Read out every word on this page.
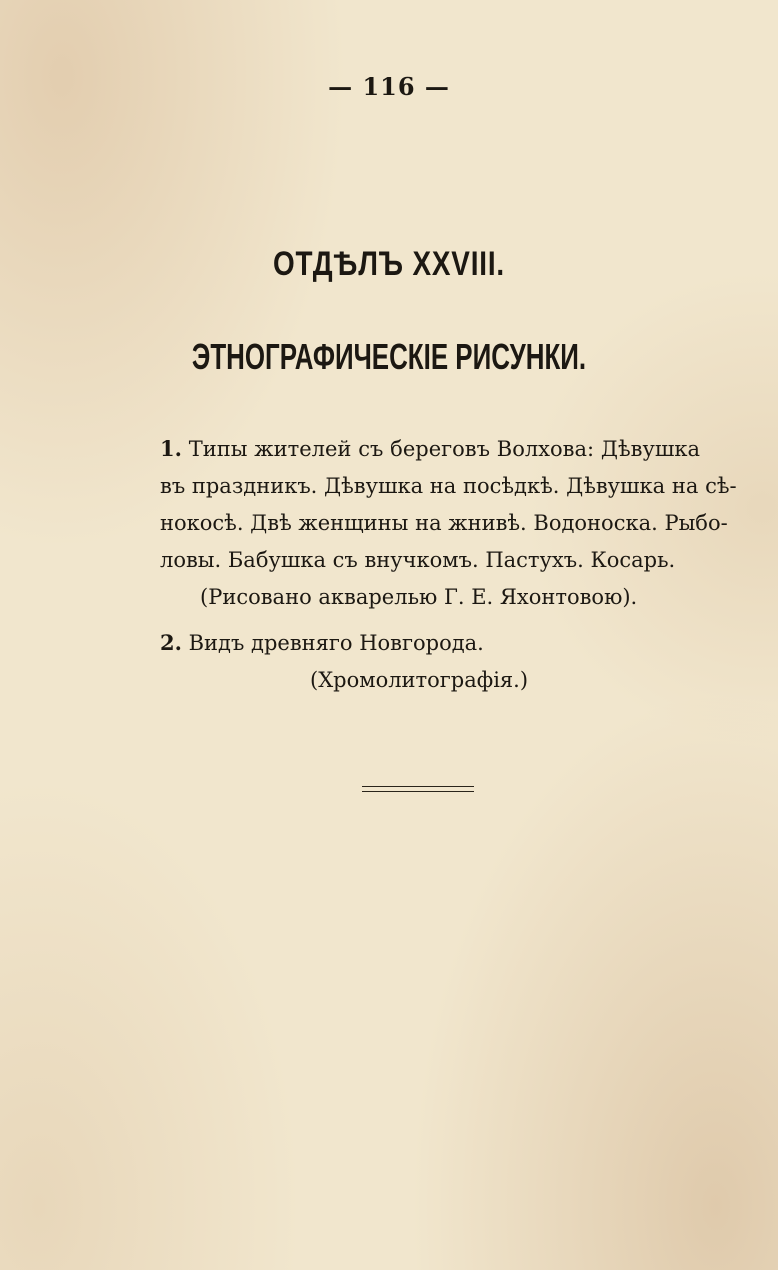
— 116 —
ОТДѢЛЪ XXVIII.
ЭТНОГРАФИЧЕСКІЕ РИСУНКИ.
1. Типы жителей съ береговъ Волхова: Дѣвушка
въ праздникъ. Дѣвушка на посѣдкѣ. Дѣвушка на сѣ-
нокосѣ. Двѣ женщины на жнивѣ. Водоноска. Рыбо-
ловы. Бабушка съ внучкомъ. Пастухъ. Косарь.
(Рисовано акварелью Г. Е. Яхонтовою).
2. Видъ древняго Новгорода.
(Хромолитографія.)
